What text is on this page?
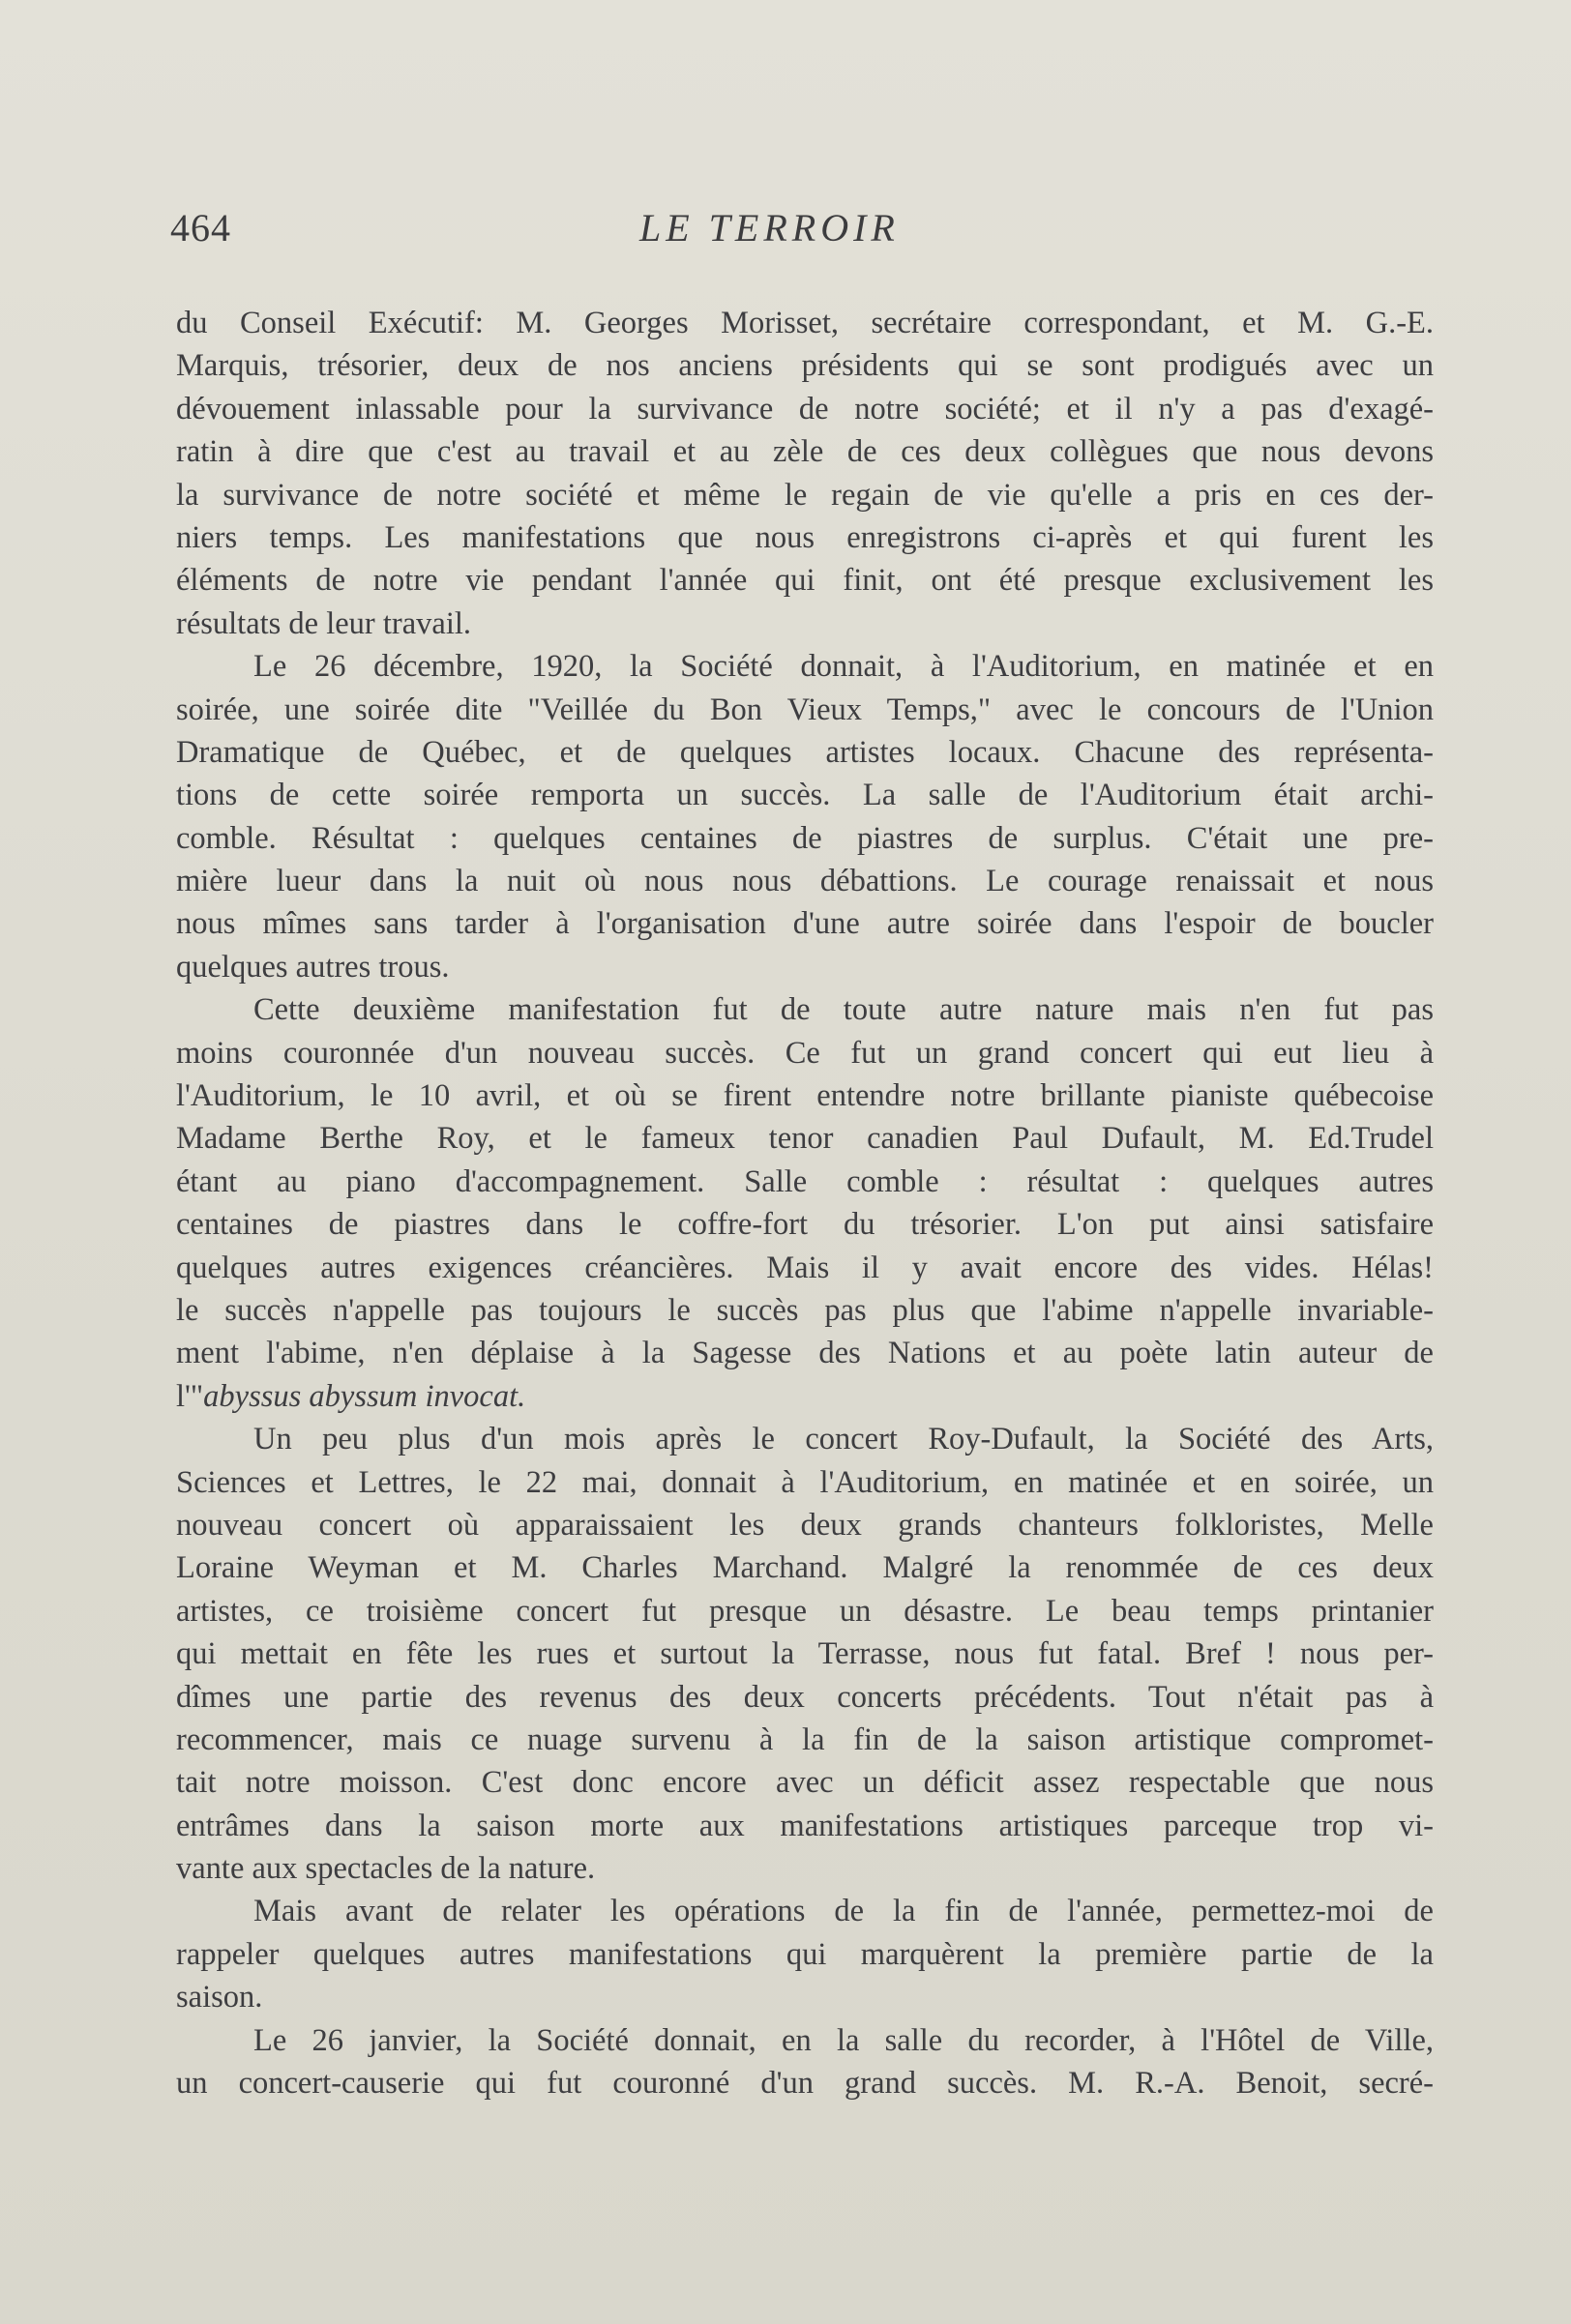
464	LE TERROIR
du Conseil Exécutif: M. Georges Morisset, secrétaire correspondant, et M. G.-E.
Marquis, trésorier, deux de nos anciens présidents qui se sont prodigués avec un
dévouement inlassable pour la survivance de notre société; et il n'y a pas d'exagé-
ratin à dire que c'est au travail et au zèle de ces deux collègues que nous devons
la survivance de notre société et même le regain de vie qu'elle a pris en ces der-
niers temps. Les manifestations que nous enregistrons ci-après et qui furent les
éléments de notre vie pendant l'année qui finit, ont été presque exclusivement les
résultats de leur travail.
Le 26 décembre, 1920, la Société donnait, à l'Auditorium, en matinée et en
soirée, une soirée dite "Veillée du Bon Vieux Temps," avec le concours de l'Union
Dramatique de Québec, et de quelques artistes locaux. Chacune des représenta-
tions de cette soirée remporta un succès. La salle de l'Auditorium était archi-
comble. Résultat : quelques centaines de piastres de surplus. C'était une pre-
mière lueur dans la nuit où nous nous débattions. Le courage renaissait et nous
nous mîmes sans tarder à l'organisation d'une autre soirée dans l'espoir de boucler
quelques autres trous.
Cette deuxième manifestation fut de toute autre nature mais n'en fut pas
moins couronnée d'un nouveau succès. Ce fut un grand concert qui eut lieu à
l'Auditorium, le 10 avril, et où se firent entendre notre brillante pianiste québecoise
Madame Berthe Roy, et le fameux tenor canadien Paul Dufault, M. Ed.Trudel
étant au piano d'accompagnement. Salle comble : résultat : quelques autres
centaines de piastres dans le coffre-fort du trésorier. L'on put ainsi satisfaire
quelques autres exigences créancières. Mais il y avait encore des vides. Hélas!
le succès n'appelle pas toujours le succès pas plus que l'abime n'appelle invariable-
ment l'abime, n'en déplaise à la Sagesse des Nations et au poète latin auteur de
l'"abyssus abyssum invocat.
Un peu plus d'un mois après le concert Roy-Dufault, la Société des Arts,
Sciences et Lettres, le 22 mai, donnait à l'Auditorium, en matinée et en soirée, un
nouveau concert où apparaissaient les deux grands chanteurs folkloristes, Melle
Loraine Weyman et M. Charles Marchand. Malgré la renommée de ces deux
artistes, ce troisième concert fut presque un désastre. Le beau temps printanier
qui mettait en fête les rues et surtout la Terrasse, nous fut fatal. Bref ! nous per-
dîmes une partie des revenus des deux concerts précédents. Tout n'était pas à
recommencer, mais ce nuage survenu à la fin de la saison artistique compromet-
tait notre moisson. C'est donc encore avec un déficit assez respectable que nous
entrâmes dans la saison morte aux manifestations artistiques parceque trop vi-
vante aux spectacles de la nature.
Mais avant de relater les opérations de la fin de l'année, permettez-moi de
rappeler quelques autres manifestations qui marquèrent la première partie de la
saison.
Le 26 janvier, la Société donnait, en la salle du recorder, à l'Hôtel de Ville,
un concert-causerie qui fut couronné d'un grand succès. M. R.-A. Benoit, secré-
